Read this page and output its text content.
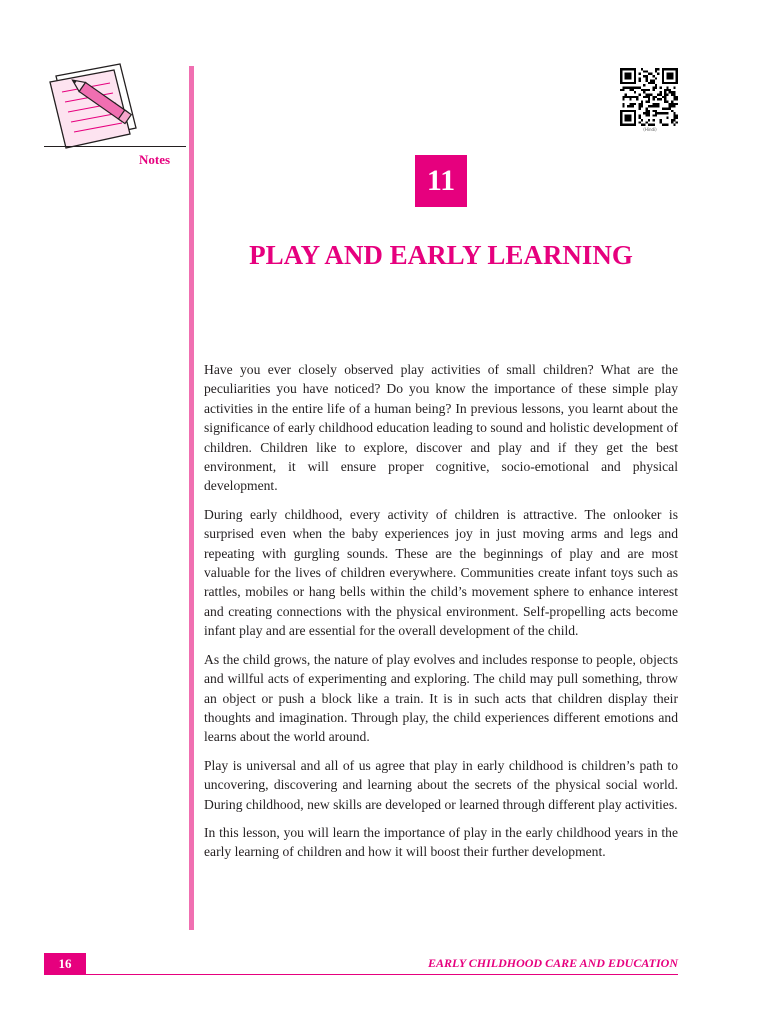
Notes
(Hindi)
11
PLAY AND EARLY LEARNING

Have you ever closely observed play activities of small children? What are the peculiarities you have noticed? Do you know the importance of these simple play activities in the entire life of a human being? In previous lessons, you learnt about the significance of early childhood education leading to sound and holistic development of children. Children like to explore, discover and play and if they get the best environment, it will ensure proper cognitive, socio-emotional and physical development.

During early childhood, every activity of children is attractive. The onlooker is surprised even when the baby experiences joy in just moving arms and legs and repeating with gurgling sounds. These are the beginnings of play and are most valuable for the lives of children everywhere. Communities create infant toys such as rattles, mobiles or hang bells within the child’s movement sphere to enhance interest and creating connections with the physical environment. Self-propelling acts become infant play and are essential for the overall development of the child.

As the child grows, the nature of play evolves and includes response to people, objects and willful acts of experimenting and exploring. The child may pull something, throw an object or push a block like a train. It is in such acts that children display their thoughts and imagination. Through play, the child experiences different emotions and learns about the world around.

Play is universal and all of us agree that play in early childhood is children’s path to uncovering, discovering and learning about the secrets of the physical social world. During childhood, new skills are developed or learned through different play activities.

In this lesson, you will learn the importance of play in the early childhood years in the early learning of children and how it will boost their further development.

16	EARLY CHILDHOOD CARE AND EDUCATION
